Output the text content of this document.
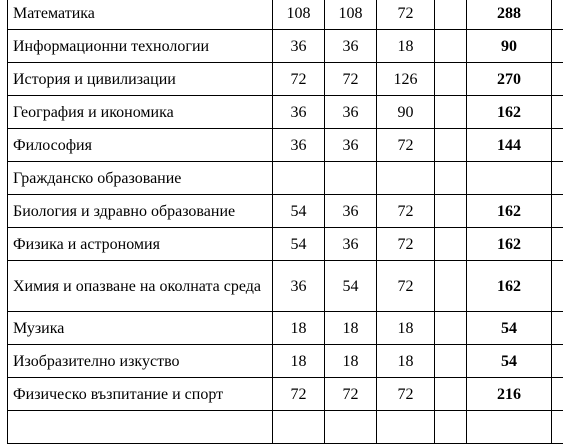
Математика	108	108	72		288	
Информационни технологии	36	36	18		90	
История и цивилизации	72	72	126		270	
География и икономика	36	36	90		162	
Философия	36	36	72		144	
Гражданско образование						
Биология и здравно образование	54	36	72		162	
Физика и астрономия	54	36	72		162	
Химия и опазване на околната среда	36	54	72		162	
Музика	18	18	18		54	
Изобразително изкуство	18	18	18		54	
Физическо възпитание и спорт	72	72	72		216	
